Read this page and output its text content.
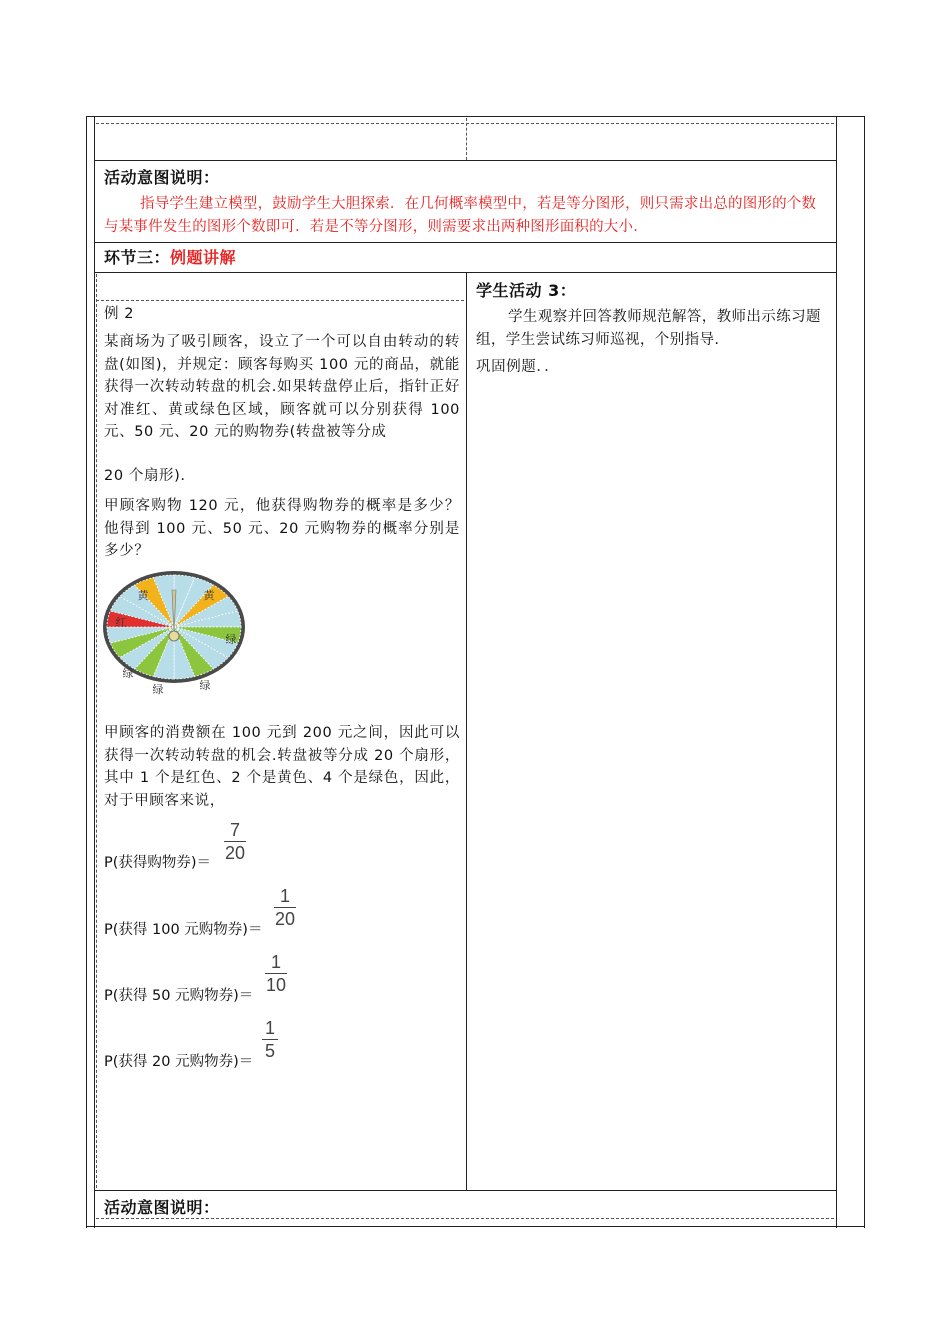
活动意图说明：
指导学生建立模型，鼓励学生大胆探索．在几何概率模型中，若是等分图形，则只需求出总的图形的个数与某事件发生的图形个数即可．若是不等分图形，则需要求出两种图形面积的大小．
环节三：例题讲解
例 2
某商场为了吸引顾客，设立了一个可以自由转动的转盘(如图)，并规定：顾客每购买 100 元的商品，就能获得一次转动转盘的机会.如果转盘停止后，指针正好对准红、黄或绿色区域，顾客就可以分别获得 100 元、50 元、20 元的购物券(转盘被等分成
20 个扇形).
甲顾客购物 120 元，他获得购物券的概率是多少？他得到 100 元、50 元、20 元购物券的概率分别是多少？
黄	黄
红
绿
绿
绿	绿
甲顾客的消费额在 100 元到 200 元之间，因此可以获得一次转动转盘的机会.转盘被等分成 20 个扇形，其中 1 个是红色、2 个是黄色、4 个是绿色，因此，对于甲顾客来说，
P(获得购物券)＝
7
20
P(获得 100 元购物券)＝
1
20
P(获得 50 元购物券)＝
1
10
P(获得 20 元购物券)＝
1
5
学生活动 3：
学生观察并回答教师规范解答，教师出示练习题组，学生尝试练习师巡视，个别指导.
巩固例题．．
活动意图说明：
